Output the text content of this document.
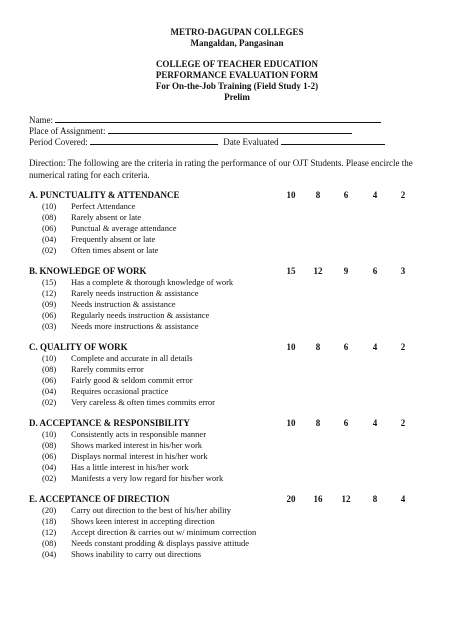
METRO-DAGUPAN COLLEGES
Mangaldan, Pangasinan
COLLEGE OF TEACHER EDUCATION
PERFORMANCE EVALUATION FORM
For On-the-Job Training (Field Study 1-2)
Prelim
Name:
Place of Assignment:
Period Covered:	Date Evaluated
Direction: The following are the criteria in rating the performance of our OJT Students. Please encircle the numerical rating for each criteria.
A. PUNCTUALITY & ATTENDANCE	10	8	6	4	2
(10) Perfect Attendance
(08) Rarely absent or late
(06) Punctual & average attendance
(04) Frequently absent or late
(02) Often times absent or late
B. KNOWLEDGE OF WORK	15	12	9	6	3
(15) Has a complete & thorough knowledge of work
(12) Rarely needs instruction & assistance
(09) Needs instruction & assistance
(06) Regularly needs instruction & assistance
(03) Needs more instructions & assistance
C. QUALITY OF WORK	10	8	6	4	2
(10) Complete and accurate in all details
(08) Rarely commits error
(06) Fairly good & seldom commit error
(04) Requires occasional practice
(02) Very careless & often times commits error
D. ACCEPTANCE & RESPONSIBILITY	10	8	6	4	2
(10) Consistently acts in responsible manner
(08) Shows marked interest in his/her work
(06) Displays normal interest in his/her work
(04) Has a little interest in his/her work
(02) Manifests a very low regard for his/her work
E. ACCEPTANCE OF DIRECTION	20	16	12	8	4
(20) Carry out direction to the best of his/her ability
(18) Shows keen interest in accepting direction
(12) Accept direction & carries out w/ minimum correction
(08) Needs constant prodding & displays passive attitude
(04) Shows inability to carry out directions
